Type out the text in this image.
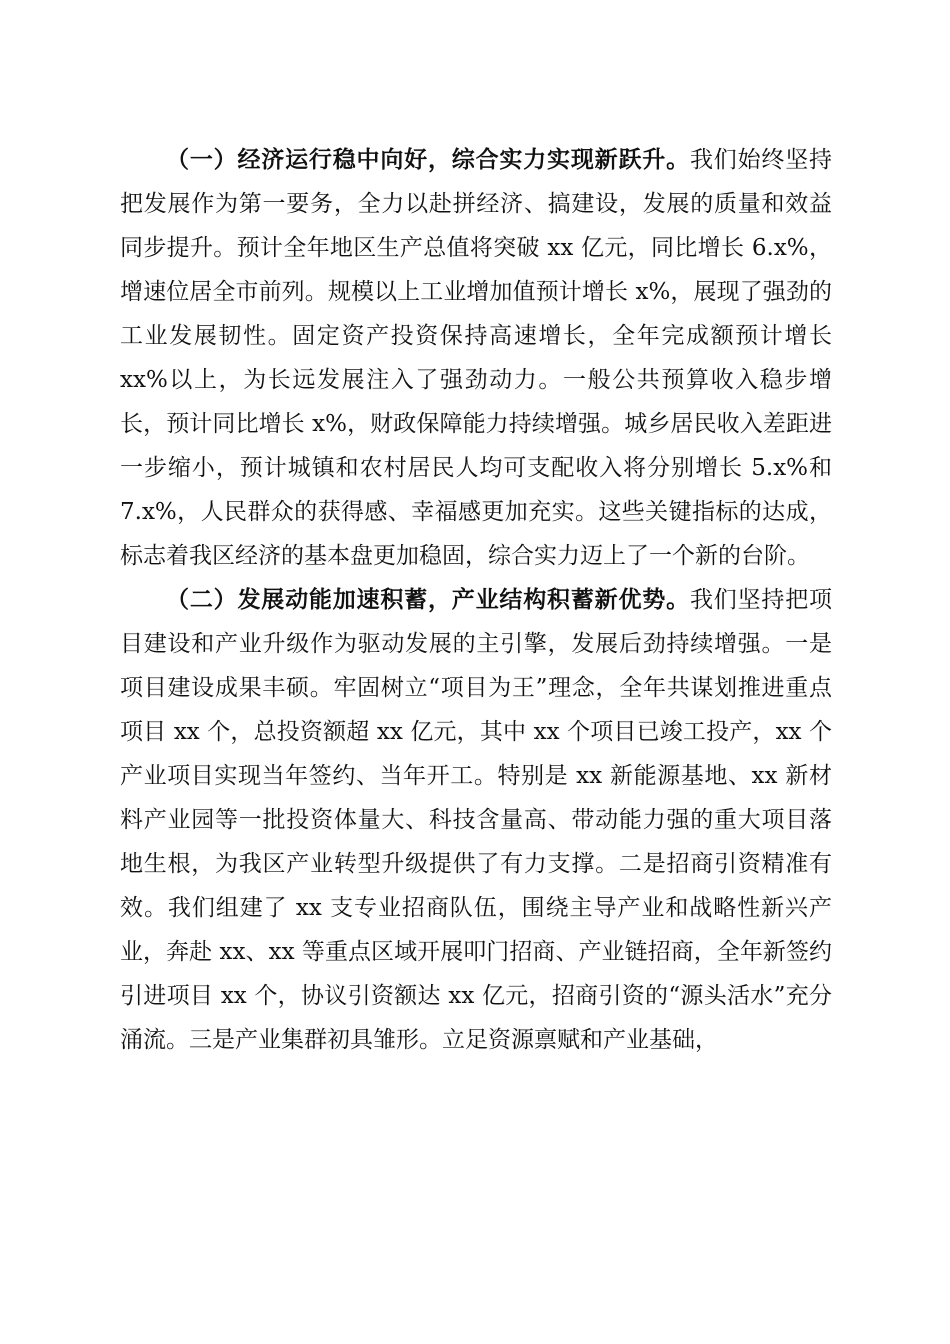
（一）经济运行稳中向好，综合实力实现新跃升。我们始终坚持把发展作为第一要务，全力以赴拼经济、搞建设，发展的质量和效益同步提升。预计全年地区生产总值将突破 xx 亿元，同比增长 6.x%，增速位居全市前列。规模以上工业增加值预计增长 x%，展现了强劲的工业发展韧性。固定资产投资保持高速增长，全年完成额预计增长 xx%以上，为长远发展注入了强劲动力。一般公共预算收入稳步增长，预计同比增长 x%，财政保障能力持续增强。城乡居民收入差距进一步缩小，预计城镇和农村居民人均可支配收入将分别增长 5.x%和 7.x%，人民群众的获得感、幸福感更加充实。这些关键指标的达成，标志着我区经济的基本盘更加稳固，综合实力迈上了一个新的台阶。

（二）发展动能加速积蓄，产业结构积蓄新优势。我们坚持把项目建设和产业升级作为驱动发展的主引擎，发展后劲持续增强。一是项目建设成果丰硕。牢固树立“项目为王”理念，全年共谋划推进重点项目 xx 个，总投资额超 xx 亿元，其中 xx 个项目已竣工投产，xx 个产业项目实现当年签约、当年开工。特别是 xx 新能源基地、xx 新材料产业园等一批投资体量大、科技含量高、带动能力强的重大项目落地生根，为我区产业转型升级提供了有力支撑。二是招商引资精准有效。我们组建了 xx 支专业招商队伍，围绕主导产业和战略性新兴产业，奔赴 xx、xx 等重点区域开展叩门招商、产业链招商，全年新签约引进项目 xx 个，协议引资额达 xx 亿元，招商引资的“源头活水”充分涌流。三是产业集群初具雏形。立足资源禀赋和产业基础，
